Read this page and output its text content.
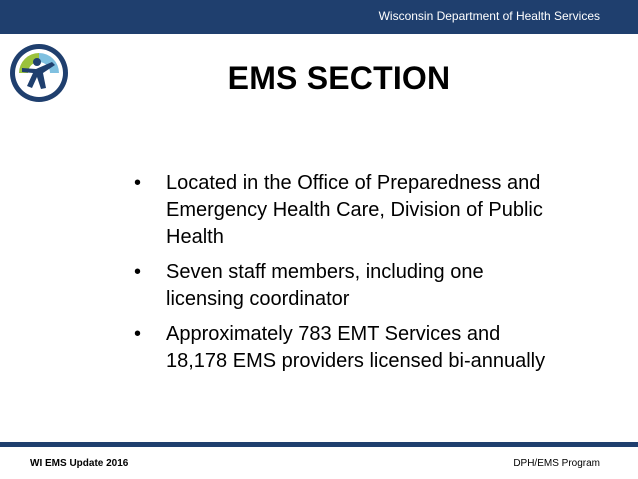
Wisconsin Department of Health Services
EMS SECTION
• Located in the Office of Preparedness and Emergency Health Care, Division of Public Health
• Seven staff members, including one licensing coordinator
• Approximately 783 EMT Services and 18,178 EMS providers licensed bi-annually
WI EMS Update 2016	DPH/EMS Program
